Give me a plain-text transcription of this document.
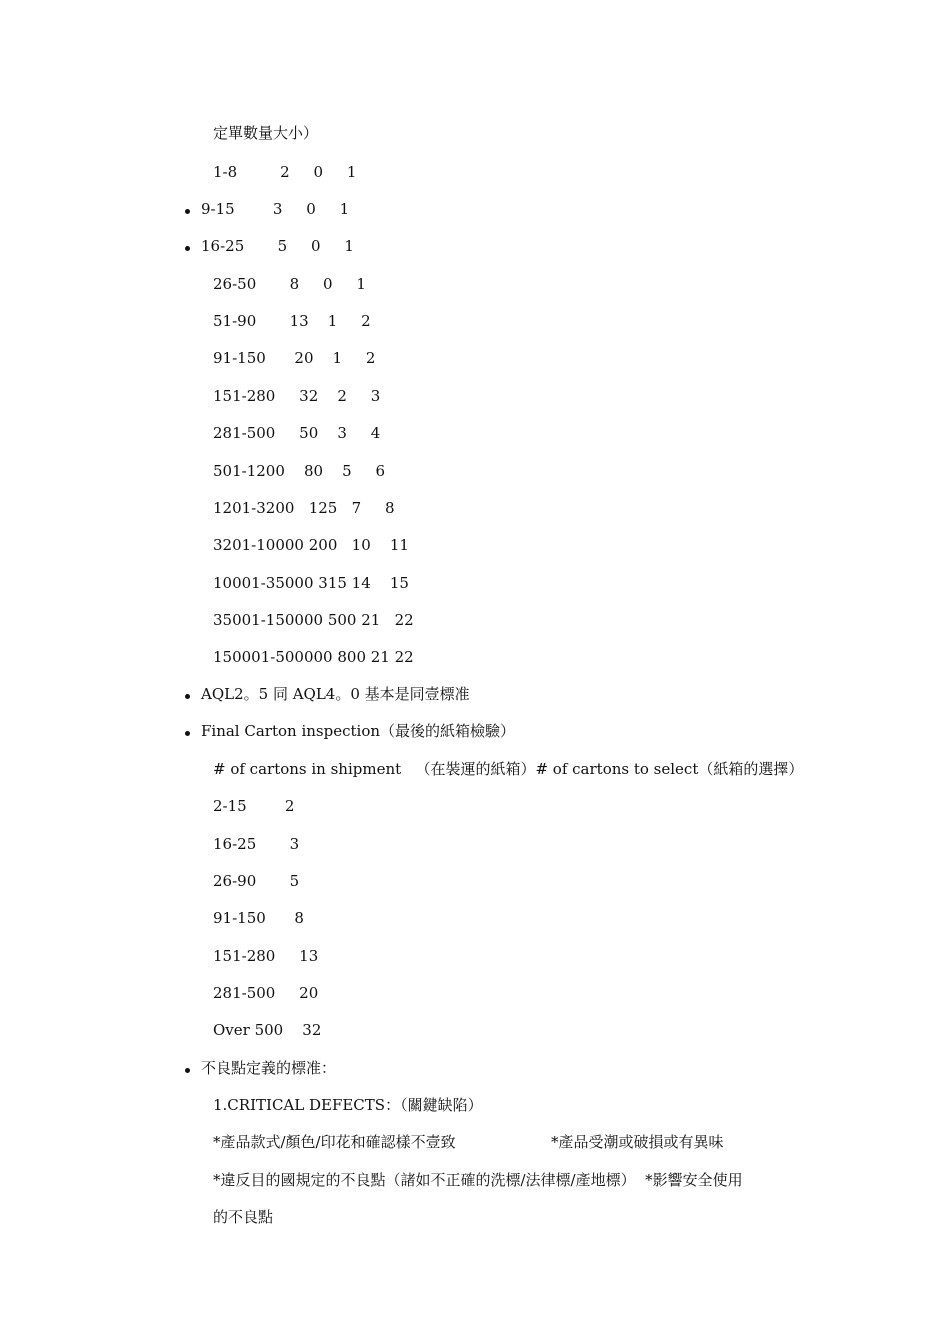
定單數量大小）
1-8         2     0     1
9-15        3     0     1
16-25       5     0     1
26-50       8     0     1
51-90       13    1     2
91-150      20    1     2
151-280     32    2     3
281-500     50    3     4
501-1200    80    5     6
1201-3200   125   7     8
3201-10000 200   10    11
10001-35000 315 14    15
35001-150000 500 21   22
150001-500000 800 21 22
AQL2。5 同 AQL4。0 基本是同壹標准
Final Carton inspection（最後的紙箱檢驗）
# of cartons in shipment   （在裝運的紙箱）# of cartons to select（紙箱的選擇）
2-15        2
16-25       3
26-90       5
91-150      8
151-280     13
281-500     20
Over 500    32
不良點定義的標准：
1.CRITICAL DEFECTS：（關鍵缺陷）
*產品款式/顏色/印花和確認樣不壹致                    *產品受潮或破損或有異味
*違反目的國規定的不良點（諸如不正確的洗標/法律標/產地標）  *影響安全使用
的不良點
